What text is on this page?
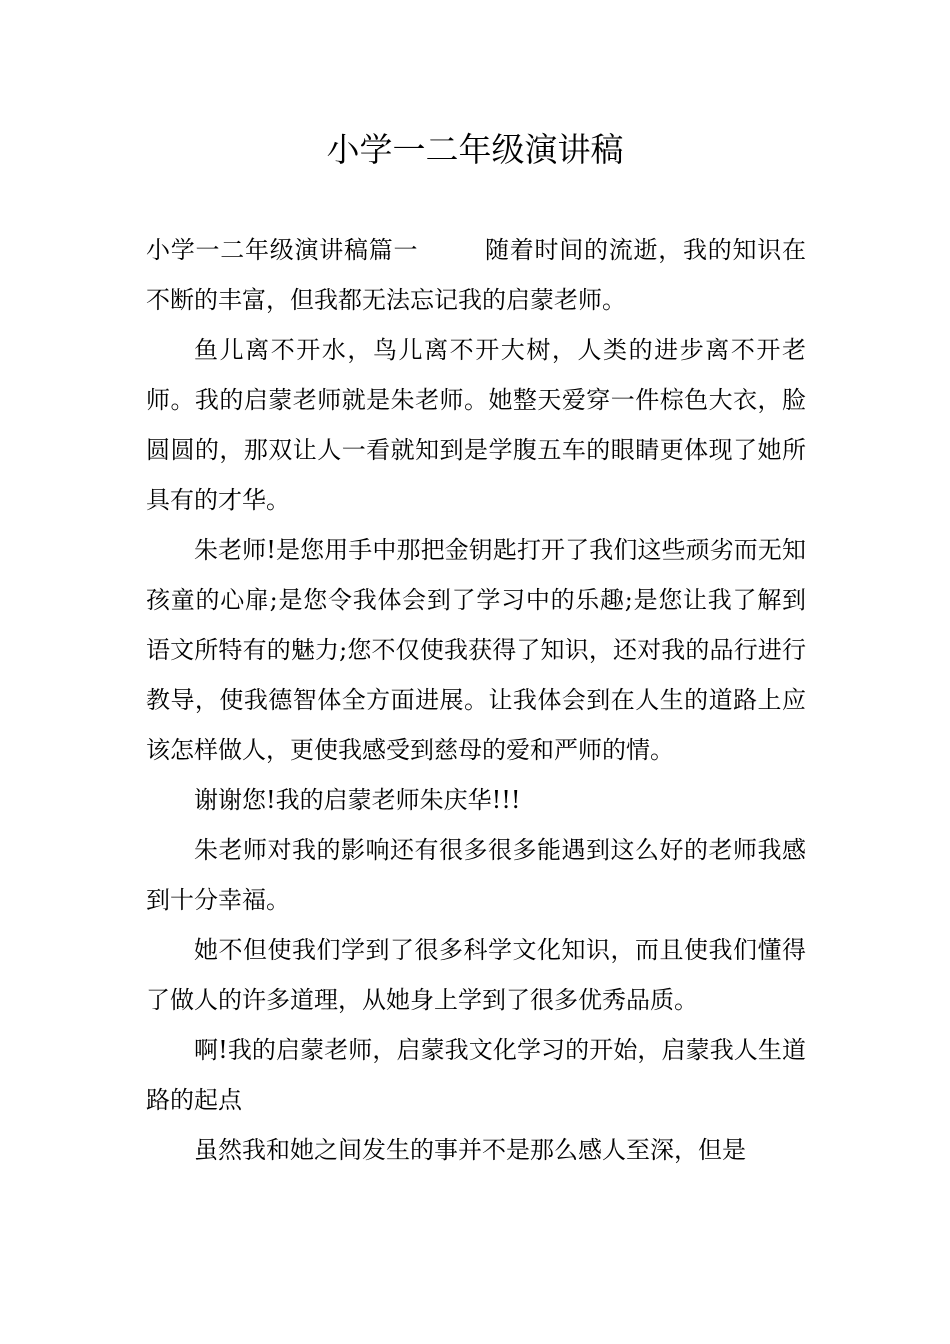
小学一二年级演讲稿

小学一二年级演讲稿篇一	随着时间的流逝，我的知识在不断的丰富，但我都无法忘记我的启蒙老师。

鱼儿离不开水，鸟儿离不开大树，人类的进步离不开老师。我的启蒙老师就是朱老师。她整天爱穿一件棕色大衣，脸圆圆的，那双让人一看就知到是学腹五车的眼睛更体现了她所具有的才华。

朱老师!是您用手中那把金钥匙打开了我们这些顽劣而无知孩童的心扉;是您令我体会到了学习中的乐趣;是您让我了解到语文所特有的魅力;您不仅使我获得了知识，还对我的品行进行教导，使我德智体全方面进展。让我体会到在人生的道路上应该怎样做人，更使我感受到慈母的爱和严师的情。

谢谢您!我的启蒙老师朱庆华!!!

朱老师对我的影响还有很多很多能遇到这么好的老师我感到十分幸福。

她不但使我们学到了很多科学文化知识，而且使我们懂得了做人的许多道理，从她身上学到了很多优秀品质。

啊!我的启蒙老师，启蒙我文化学习的开始，启蒙我人生道路的起点

虽然我和她之间发生的事并不是那么感人至深，但是
